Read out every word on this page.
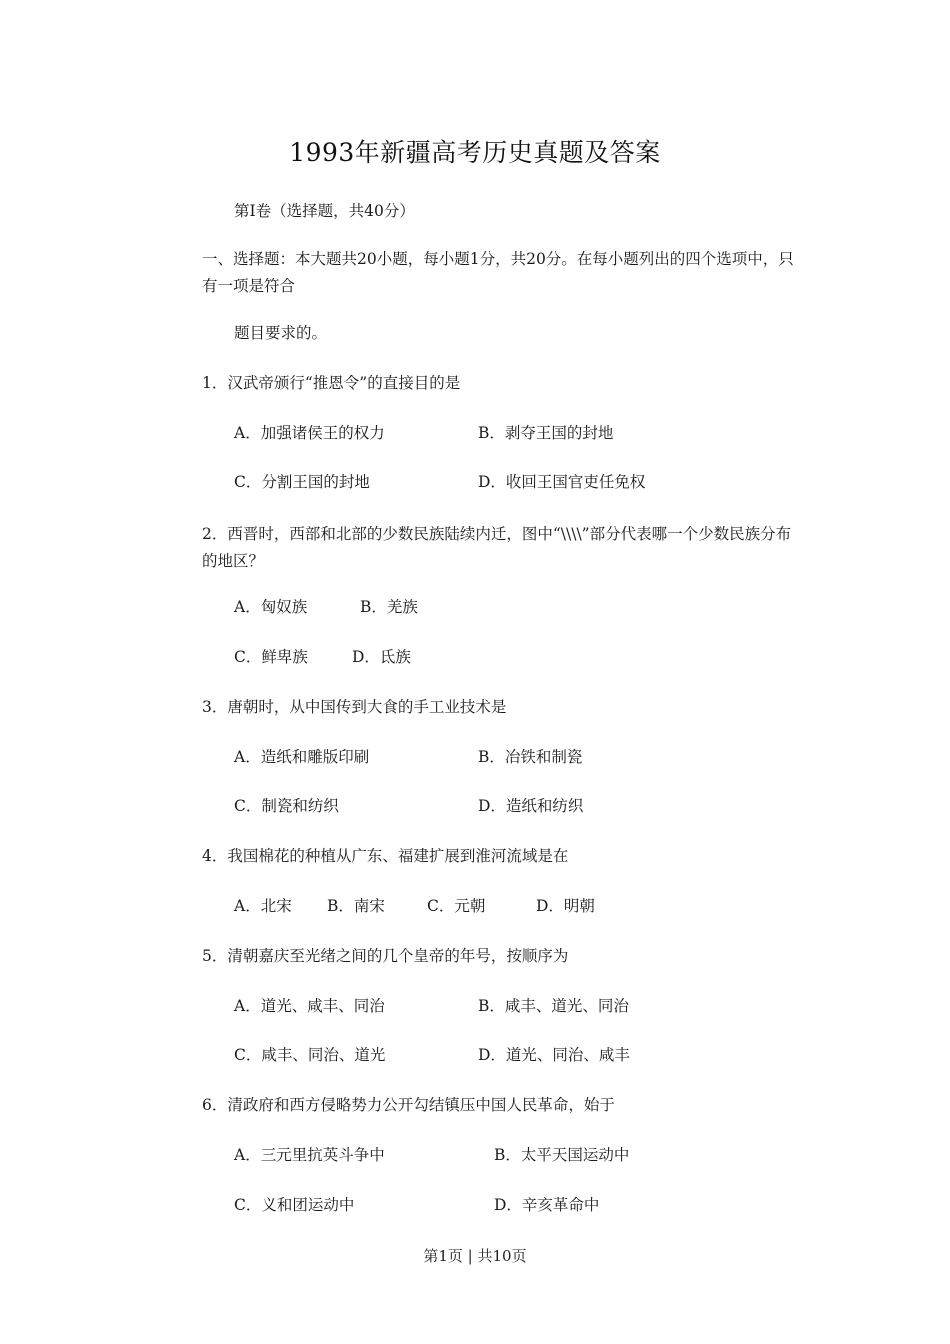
1993年新疆高考历史真题及答案
第Ⅰ卷（选择题，共40分）
一、选择题：本大题共20小题，每小题1分，共20分。在每小题列出的四个选项中，只有一项是符合
题目要求的。
1．汉武帝颁行“推恩令”的直接目的是
A．加强诸侯王的权力	B．剥夺王国的封地
C．分割王国的封地	D．收回王国官吏任免权
2．西晋时，西部和北部的少数民族陆续内迁，图中“\\\\”部分代表哪一个少数民族分布的地区？
A．匈奴族	B．羌族
C．鲜卑族	D．氐族
3．唐朝时，从中国传到大食的手工业技术是
A．造纸和雕版印刷	B．冶铁和制瓷
C．制瓷和纺织	D．造纸和纺织
4．我国棉花的种植从广东、福建扩展到淮河流域是在
A．北宋 B．南宋	C．元朝	D．明朝
5．清朝嘉庆至光绪之间的几个皇帝的年号，按顺序为
A．道光、咸丰、同治	B．咸丰、道光、同治
C．咸丰、同治、道光	D．道光、同治、咸丰
6．清政府和西方侵略势力公开勾结镇压中国人民革命，始于
A．三元里抗英斗争中	B．太平天国运动中
C．义和团运动中	D．辛亥革命中
第1页 | 共10页
